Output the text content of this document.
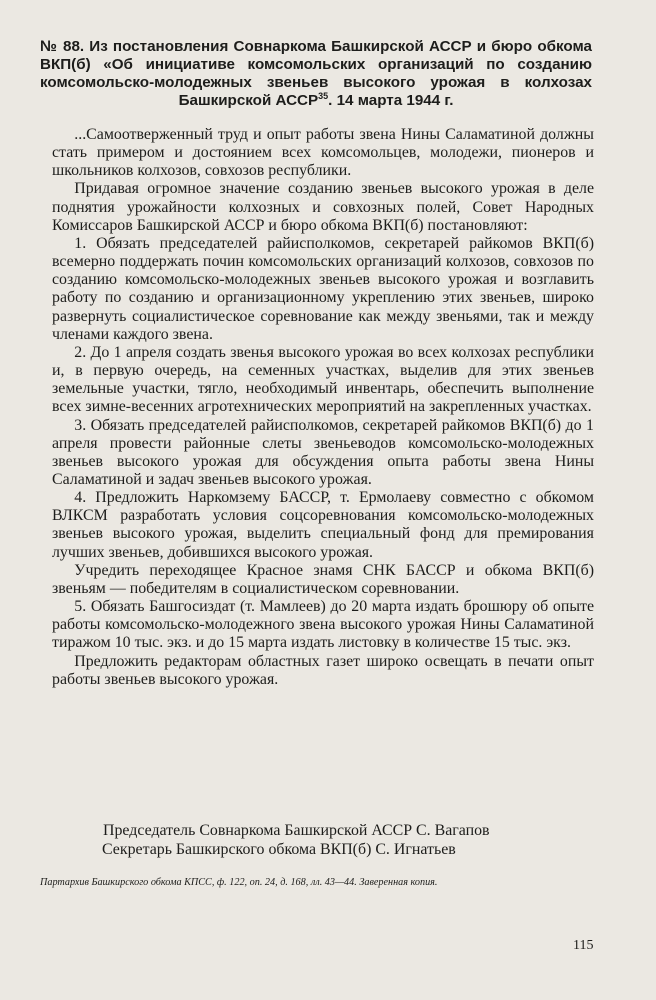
№ 88. Из постановления Совнаркома Башкирской АССР и бюро обкома ВКП(б) «Об инициативе комсомольских организаций по созданию комсомольско-молодежных звеньев высокого урожая в колхозах Башкирской АССР$^{35}$. 14 марта 1944 г.

...Самоотверженный труд и опыт работы звена Нины Саламатиной должны стать примером и достоянием всех комсомольцев, молодежи, пионеров и школьников колхозов, совхозов республики.

Придавая огромное значение созданию звеньев высокого урожая в деле поднятия урожайности колхозных и совхозных полей, Совет Народных Комиссаров Башкирской АССР и бюро обкома ВКП(б) постановляют:

1. Обязать председателей райисполкомов, секретарей райкомов ВКП(б) всемерно поддержать почин комсомольских организаций колхозов, совхозов по созданию комсомольско-молодежных звеньев высокого урожая и возглавить работу по созданию и организационному укреплению этих звеньев, широко развернуть социалистическое соревнование как между звеньями, так и между членами каждого звена.

2. До 1 апреля создать звенья высокого урожая во всех колхозах республики и, в первую очередь, на семенных участках, выделив для этих звеньев земельные участки, тягло, необходимый инвентарь, обеспечить выполнение всех зимне-весенних агротехнических мероприятий на закрепленных участках.

3. Обязать председателей райисполкомов, секретарей райкомов ВКП(б) до 1 апреля провести районные слеты звеньеводов комсомольско-молодежных звеньев высокого урожая для обсуждения опыта работы звена Нины Саламатиной и задач звеньев высокого урожая.

4. Предложить Наркомзему БАССР, т. Ермолаеву совместно с обкомом ВЛКСМ разработать условия соцсоревнования комсомольско-молодежных звеньев высокого урожая, выделить специальный фонд для премирования лучших звеньев, добившихся высокого урожая.

Учредить переходящее Красное знамя СНК БАССР и обкома ВКП(б) звеньям — победителям в социалистическом соревновании.

5. Обязать Башгосиздат (т. Мамлеев) до 20 марта издать брошюру об опыте работы комсомольско-молодежного звена высокого урожая Нины Саламатиной тиражом 10 тыс. экз. и до 15 марта издать листовку в количестве 15 тыс. экз.

Предложить редакторам областных газет широко освещать в печати опыт работы звеньев высокого урожая.

Председатель Совнаркома Башкирской АССР С. Вагапов
Секретарь Башкирского обкома ВКП(б) С. Игнатьев
Партархив Башкирского обкома КПСС, ф. 122, оп. 24, д. 168, лл. 43—44. Заверенная копия.
115
